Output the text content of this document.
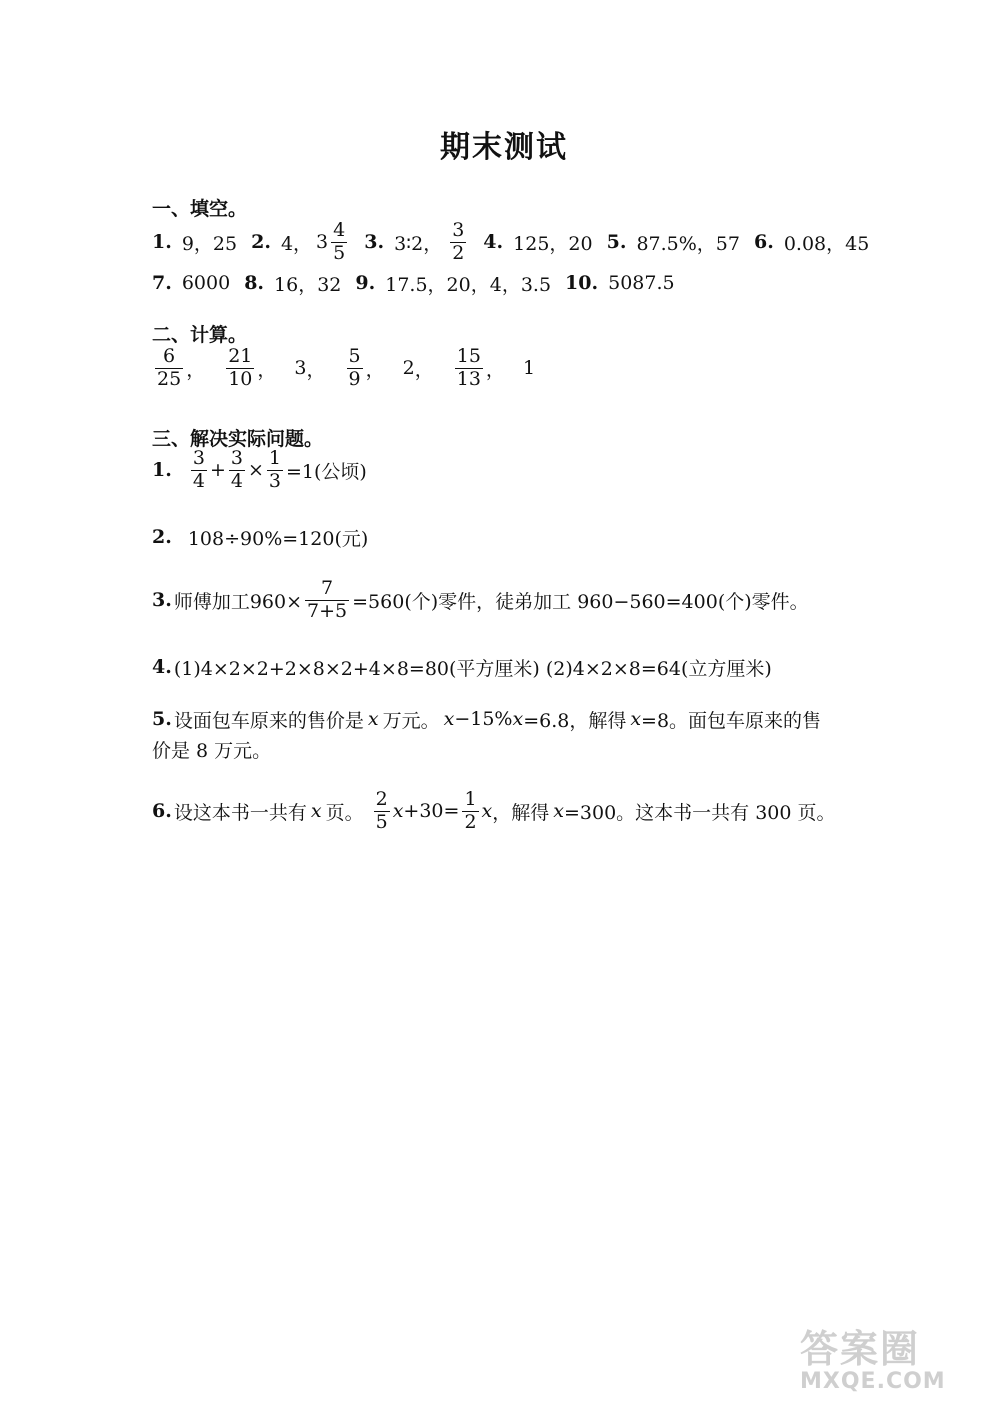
期末测试
一、填空。
1. 9，25 2. 4， $3 \frac{4}{5} 3$. 3∶2， $\frac{3}{2} 4$. 125，20 5. 87.5%，57 6. 0.08，45
7. 6000 8. 16，32 9. 17.5，20，4，3.5 10. 5087.5
二、计算。
$\frac{6}{25}$ ， $\frac{21}{10}$ ， 3 ， $\frac{5}{9}$ ， 2 ， $\frac{15}{13}$ ， 1
三、解决实际问题。
1. $\frac{3}{4} + \frac{3}{4} \times \frac{1}{3} =1$(公顷)
2. 108÷90%=120(元)
3. 师傅加工$960\times \frac{7}{7+5} =560$(个)零件，徒弟加工 960−560=400(个)零件。
4. (1)4×2×2+2×8×2+4×8=80(平方厘米) (2)4×2×8=64(立方厘米)
5. 设面包车原来的售价是 x 万元。 x −15% x =6.8，解得 x =8。面包车原来的售
价是 8 万元。
6. 设这本书一共有 x 页。 $\frac{2}{5}$ $x +30= \frac{1}{2}$ x ，解得 x =300。这本书一共有 300 页。
答案圈
MXQE.COM
